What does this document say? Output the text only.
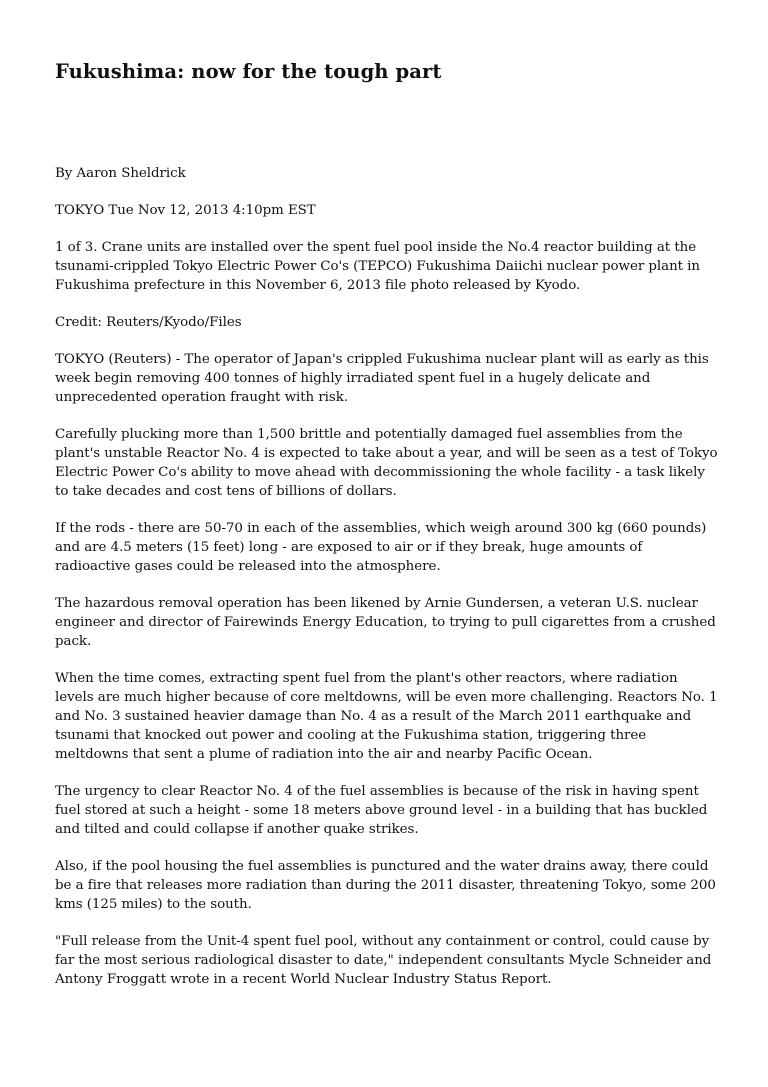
Fukushima: now for the tough part

By Aaron Sheldrick

TOKYO Tue Nov 12, 2013 4:10pm EST

1 of 3. Crane units are installed over the spent fuel pool inside the No.4 reactor building at the tsunami-crippled Tokyo Electric Power Co's (TEPCO) Fukushima Daiichi nuclear power plant in Fukushima prefecture in this November 6, 2013 file photo released by Kyodo.

Credit: Reuters/Kyodo/Files

TOKYO (Reuters) - The operator of Japan's crippled Fukushima nuclear plant will as early as this week begin removing 400 tonnes of highly irradiated spent fuel in a hugely delicate and unprecedented operation fraught with risk.

Carefully plucking more than 1,500 brittle and potentially damaged fuel assemblies from the plant's unstable Reactor No. 4 is expected to take about a year, and will be seen as a test of Tokyo Electric Power Co's ability to move ahead with decommissioning the whole facility - a task likely to take decades and cost tens of billions of dollars.

If the rods - there are 50-70 in each of the assemblies, which weigh around 300 kg (660 pounds) and are 4.5 meters (15 feet) long - are exposed to air or if they break, huge amounts of radioactive gases could be released into the atmosphere.

The hazardous removal operation has been likened by Arnie Gundersen, a veteran U.S. nuclear engineer and director of Fairewinds Energy Education, to trying to pull cigarettes from a crushed pack.

When the time comes, extracting spent fuel from the plant's other reactors, where radiation levels are much higher because of core meltdowns, will be even more challenging. Reactors No. 1 and No. 3 sustained heavier damage than No. 4 as a result of the March 2011 earthquake and tsunami that knocked out power and cooling at the Fukushima station, triggering three meltdowns that sent a plume of radiation into the air and nearby Pacific Ocean.

The urgency to clear Reactor No. 4 of the fuel assemblies is because of the risk in having spent fuel stored at such a height - some 18 meters above ground level - in a building that has buckled and tilted and could collapse if another quake strikes.

Also, if the pool housing the fuel assemblies is punctured and the water drains away, there could be a fire that releases more radiation than during the 2011 disaster, threatening Tokyo, some 200 kms (125 miles) to the south.

"Full release from the Unit-4 spent fuel pool, without any containment or control, could cause by far the most serious radiological disaster to date," independent consultants Mycle Schneider and Antony Froggatt wrote in a recent World Nuclear Industry Status Report.
